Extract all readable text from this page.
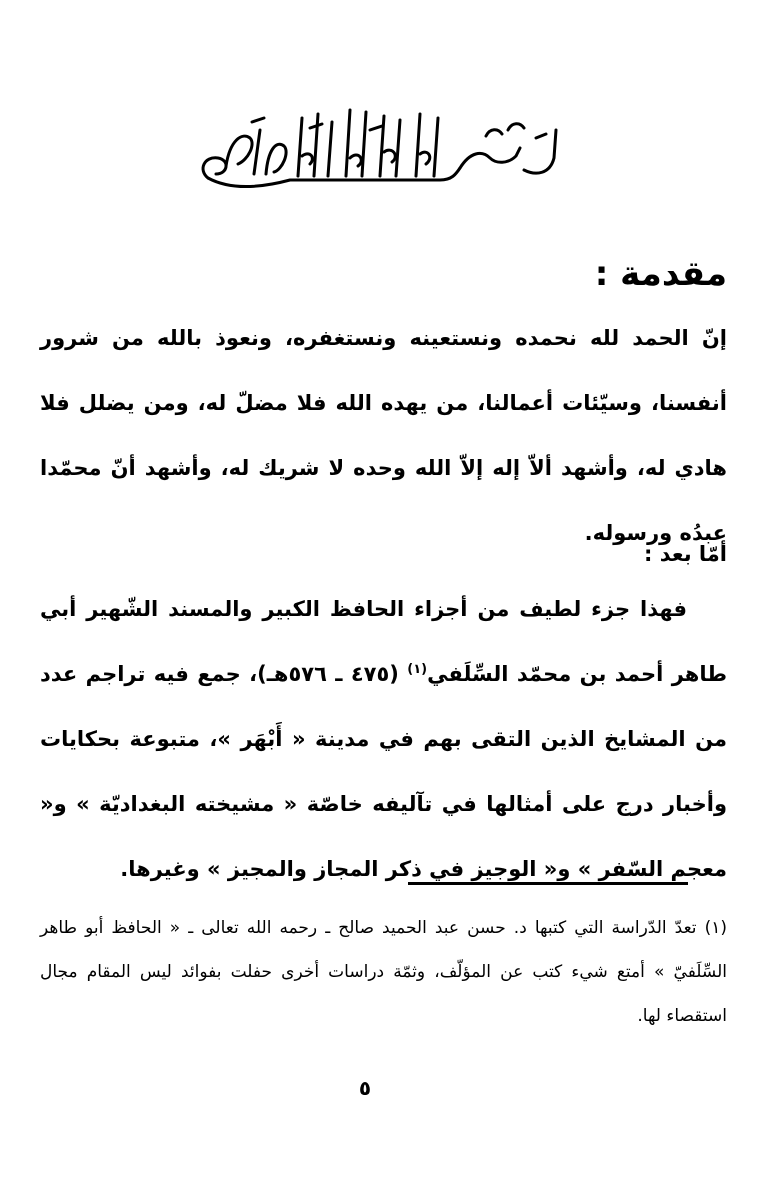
مقدمة :

إنّ الحمد لله نحمده ونستعينه ونستغفره، ونعوذ بالله من شرور أنفسنا، وسيّئات أعمالنا، من يهده الله فلا مضلّ له، ومن يضلل فلا هادي له، وأشهد ألاّ إله إلاّ الله وحده لا شريك له، وأشهد أنّ محمّدا عبدُه ورسوله.

أمّا بعد :

فهذا جزء لطيف من أجزاء الحافظ الكبير والمسند الشّهير أبي طاهر أحمد بن محمّد السِّلَفي$^{(١)}$ (٤٧٥ ـ ٥٧٦هـ)، جمع فيه تراجم عدد من المشايخ الذين التقى بهم في مدينة « أَبْهَر »، متبوعة بحكايات وأخبار درج على أمثالها في تآليفه خاصّة « مشيخته البغداديّة » و« معجم السّفر » و« الوجيز في ذكر المجاز والمجيز » وغيرها.

(١) تعدّ الدّراسة التي كتبها د. حسن عبد الحميد صالح ـ رحمه الله تعالى ـ « الحافظ أبو طاهر السِّلَفيّ » أمتع شيء كتب عن المؤلّف، وثمّة دراسات أخرى حفلت بفوائد ليس المقام مجال استقصاء لها.

٥
